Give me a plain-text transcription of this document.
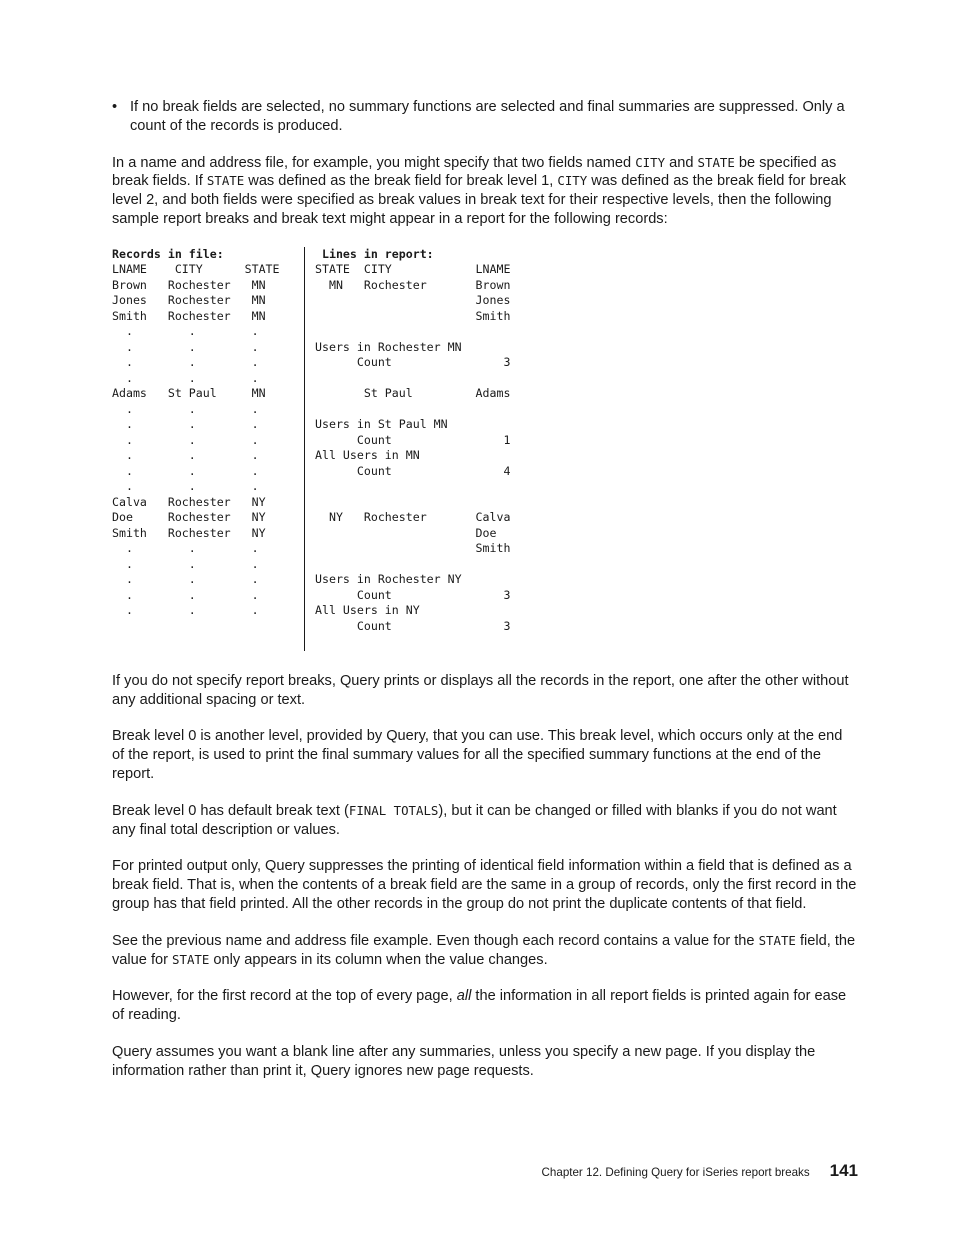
• If no break fields are selected, no summary functions are selected and final summaries are suppressed. Only a count of the records is produced.

In a name and address file, for example, you might specify that two fields named CITY and STATE be specified as break fields. If STATE was defined as the break field for break level 1, CITY was defined as the break field for break level 2, and both fields were specified as break values in break text for their respective levels, then the following sample report breaks and break text might appear in a report for the following records:

Records in file:
LNAME    CITY      STATE
Brown   Rochester   MN
Jones   Rochester   MN
Smith   Rochester   MN
.        .        .
.        .        .
.        .        .
.        .        .
Adams   St Paul     MN
.        .        .
.        .        .
.        .        .
.        .        .
.        .        .
.        .        .
Calva   Rochester   NY
Doe     Rochester   NY
Smith   Rochester   NY
.        .        .
.        .        .
.        .        .
.        .        .
.        .        .
Lines in report:
STATE  CITY            LNAME
MN   Rochester       Brown
Jones
Smith

Users in Rochester MN
Count                3

St Paul         Adams

Users in St Paul MN
Count                1
All Users in MN
Count                4

NY   Rochester       Calva
Doe
Smith

Users in Rochester NY
Count                3
All Users in NY
Count                3

If you do not specify report breaks, Query prints or displays all the records in the report, one after the other without any additional spacing or text.

Break level 0 is another level, provided by Query, that you can use. This break level, which occurs only at the end of the report, is used to print the final summary values for all the specified summary functions at the end of the report.

Break level 0 has default break text (FINAL TOTALS), but it can be changed or filled with blanks if you do not want any final total description or values.

For printed output only, Query suppresses the printing of identical field information within a field that is defined as a break field. That is, when the contents of a break field are the same in a group of records, only the first record in the group has that field printed. All the other records in the group do not print the duplicate contents of that field.

See the previous name and address file example. Even though each record contains a value for the STATE field, the value for STATE only appears in its column when the value changes.

However, for the first record at the top of every page, all the information in all report fields is printed again for ease of reading.

Query assumes you want a blank line after any summaries, unless you specify a new page. If you display the information rather than print it, Query ignores new page requests.

Chapter 12. Defining Query for iSeries report breaks 141
